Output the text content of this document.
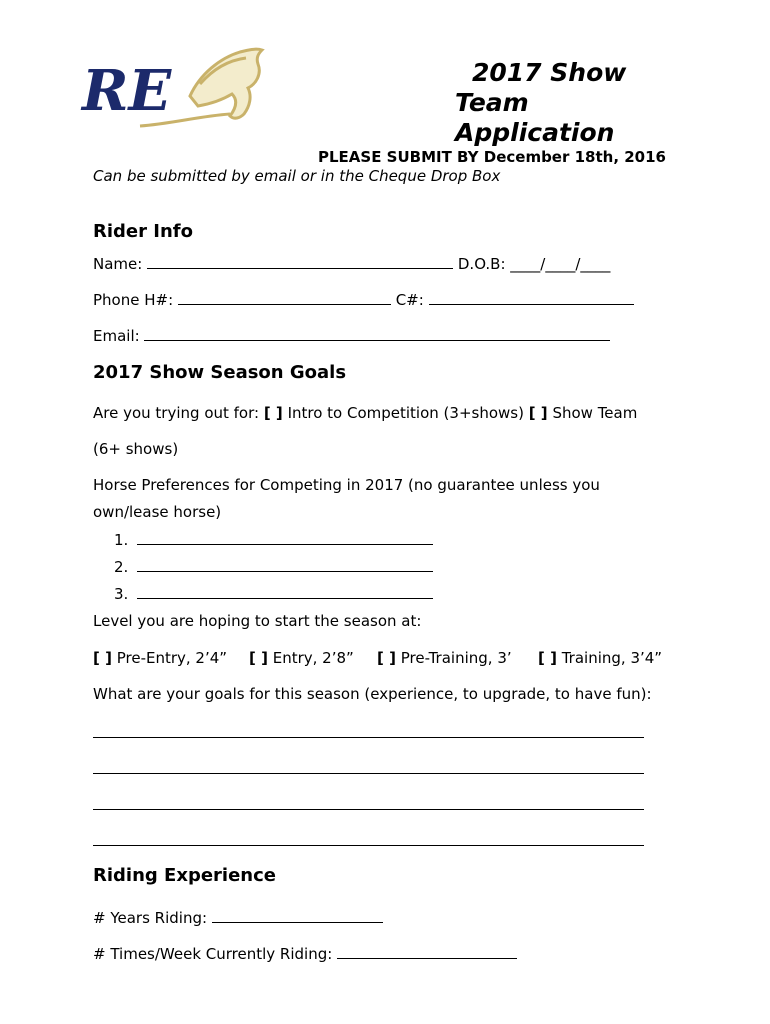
RE	2017 Show
Team
Application
PLEASE SUBMIT BY December 18th, 2016
Can be submitted by email or in the Cheque Drop Box
Rider Info
Name:	D.O.B: ____/____/____
Phone H#:	C#:
Email:
2017 Show Season Goals
Are you trying out for: [ ] Intro to Competition (3+shows) [ ] Show Team
(6+ shows)
Horse Preferences for Competing in 2017 (no guarantee unless you
own/lease horse)
1.
2.
3.
Level you are hoping to start the season at:
[ ] Pre-Entry, 2’4” [ ] Entry, 2’8” [ ] Pre-Training, 3’ [ ] Training, 3’4”
What are your goals for this season (experience, to upgrade, to have fun):
Riding Experience
# Years Riding:
# Times/Week Currently Riding:
